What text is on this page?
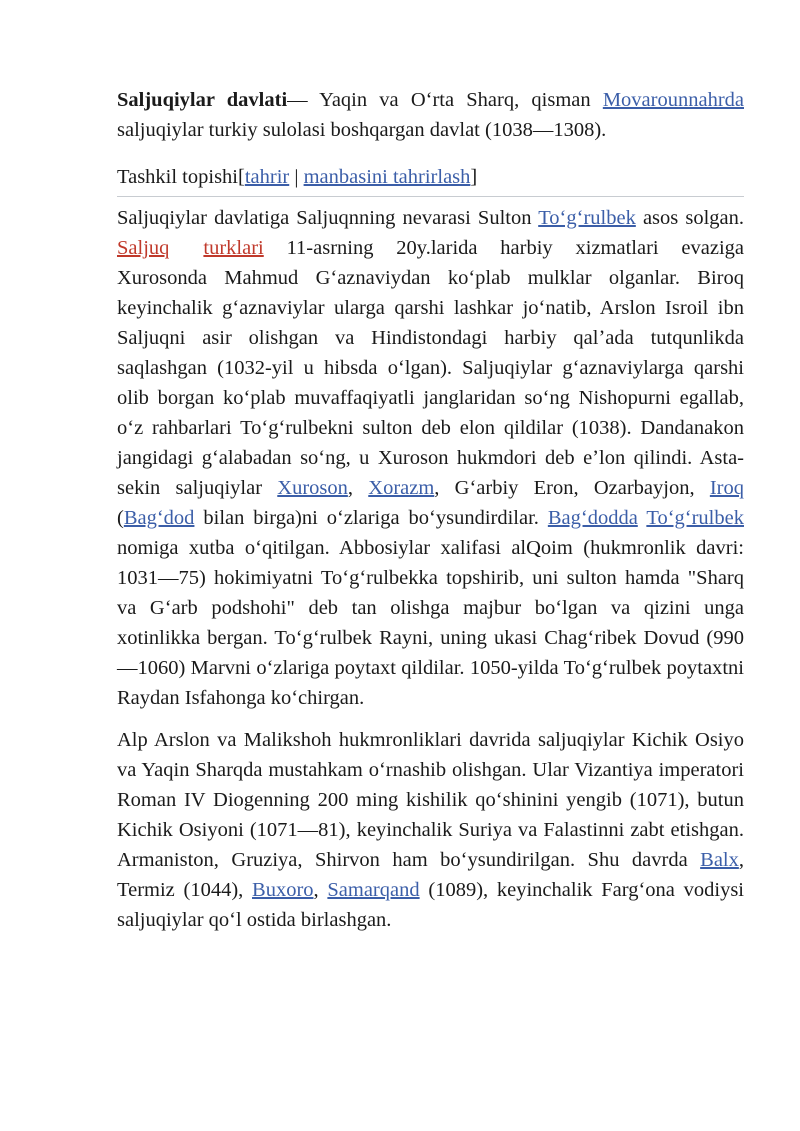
Saljuqiylar davlati— Yaqin va Oʻrta Sharq, qisman Movarounnahrda saljuqiylar turkiy sulolasi boshqargan davlat (1038—1308).

Tashkil topishi[tahrir | manbasini tahrirlash]

Saljuqiylar davlatiga Saljuqnning nevarasi Sulton Toʻgʻrulbek asos solgan. Saljuq turklari 11-asrning 20y.larida harbiy xizmatlari evaziga Xurosonda Mahmud Gʻaznaviydan koʻplab mulklar olganlar. Biroq keyinchalik gʻaznaviylar ularga qarshi lashkar joʻnatib, Arslon Isroil ibn Saljuqni asir olishgan va Hindistondagi harbiy qalʼada tutqunlikda saqlashgan (1032-yil u hibsda oʻlgan). Saljuqiylar gʻaznaviylarga qarshi olib borgan koʻplab muvaffaqiyatli janglaridan soʻng Nishopurni egallab, oʻz rahbarlari Toʻgʻrulbekni sulton deb elon qildilar (1038). Dandanakon jangidagi gʻalabadan soʻng, u Xuroson hukmdori deb eʼlon qilindi. Asta-sekin saljuqiylar Xuroson, Xorazm, Gʻarbiy Eron, Ozarbayjon, Iroq (Bagʻdod bilan birga)ni oʻzlariga boʻysundirdilar. Bagʻdodda Toʻgʻrulbek nomiga xutba oʻqitilgan. Abbosiylar xalifasi alQoim (hukmronlik davri: 1031—75) hokimiyatni Toʻgʻrulbekka topshirib, uni sulton hamda "Sharq va Gʻarb podshohi" deb tan olishga majbur boʻlgan va qizini unga xotinlikka bergan. Toʻgʻrulbek Rayni, uning ukasi Chagʻribek Dovud (990—1060) Marvni oʻzlariga poytaxt qildilar. 1050-yilda Toʻgʻrulbek poytaxtni Raydan Isfahonga koʻchirgan.

Alp Arslon va Malikshoh hukmronliklari davrida saljuqiylar Kichik Osiyo va Yaqin Sharqda mustahkam oʻrnashib olishgan. Ular Vizantiya imperatori Roman IV Diogenning 200 ming kishilik qoʻshinini yengib (1071), butun Kichik Osiyoni (1071—81), keyinchalik Suriya va Falastinni zabt etishgan. Armaniston, Gruziya, Shirvon ham boʻysundirilgan. Shu davrda Balx, Termiz (1044), Buxoro, Samarqand (1089), keyinchalik Fargʻona vodiysi saljuqiylar qoʻl ostida birlashgan.
